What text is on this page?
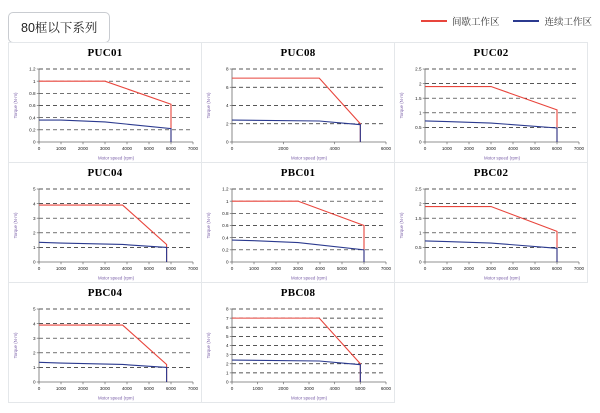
80框以下系列	间歇工作区	连续工作区
PUC01
0
0.2
0.4
0.6
0.8
1
1.2
0	1000	2000	3000	4000	5000	6000	7000
Motor speed (rpm)
Torque (N·m)
PUC08
0
2
4
6
8
0	2000	4000	6000
Motor speed (rpm)
Torque (N·m)
PUC02
0
0.5
1
1.5
2
2.5
0	1000	2000	3000	4000	5000	6000	7000
Motor speed (rpm)
Torque (N·m)
PUC04
0
1
2
3
4
5
0	1000	2000	3000	4000	5000	6000	7000
Motor speed (rpm)
Torque (N·m)
PBC01
0
0.2
0.4
0.6
0.8
1
1.2
0	1000	2000	3000	4000	5000	6000	7000
Motor speed (rpm)
Torque (N·m)
PBC02
0
0.5
1
1.5
2
2.5
0	1000	2000	3000	4000	5000	6000	7000
Motor speed (rpm)
Torque (N·m)
PBC04
0
1
2
3
4
5
0	1000	2000	3000	4000	5000	6000	7000
Motor speed (rpm)
Torque (N·m)
PBC08
0
1
2
3
4
5
6
7
8
0	1000	2000	3000	4000	5000	6000
Motor speed (rpm)
Torque (N·m)
